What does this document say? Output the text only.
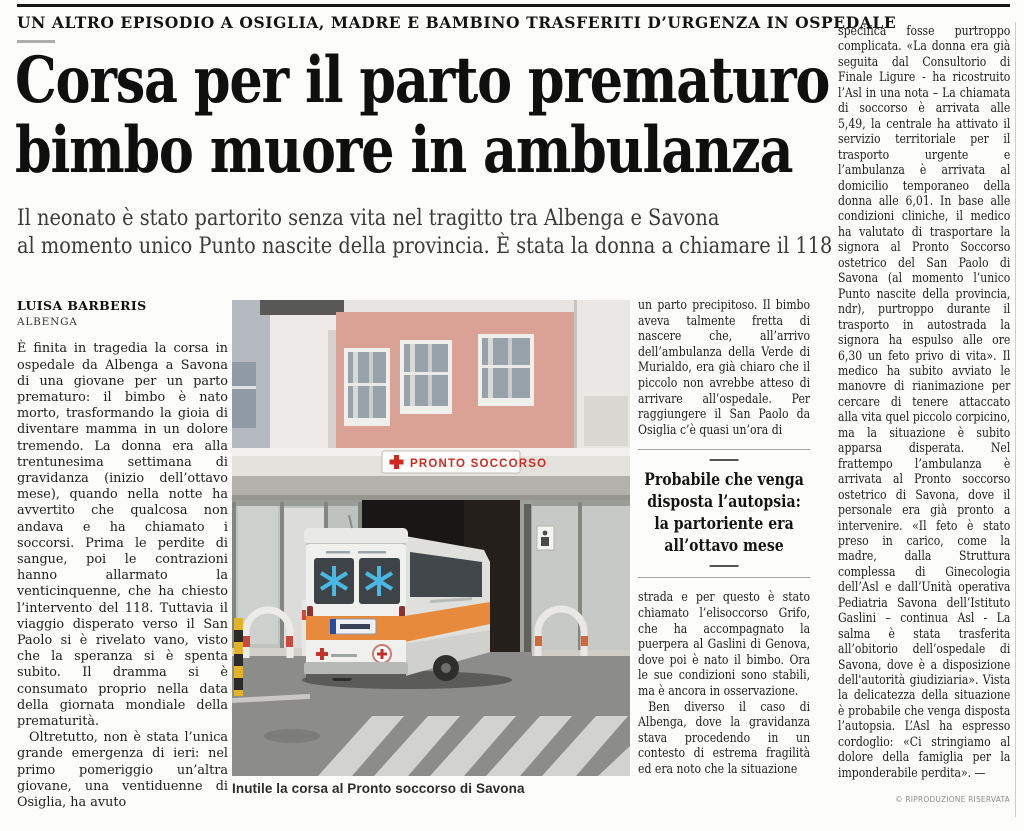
UN ALTRO EPISODIO A OSIGLIA, MADRE E BAMBINO TRASFERITI D’URGENZA IN OSPEDALE
Corsa per il parto prematuro
bimbo muore in ambulanza
Il neonato è stato partorito senza vita nel tragitto tra Albenga e Savona
al momento unico Punto nascite della provincia. È stata la donna a chiamare il 118
LUISA BARBERIS
ALBENGA

È finita in tragedia la corsa in ospedale da Albenga a Savona di una giovane per un parto prematuro: il bimbo è nato morto, trasformando la gioia di diventare mamma in un dolore tremendo. La donna era alla trentunesima settimana di gravidanza (inizio dell’ottavo mese), quando nella notte ha avvertito che qualcosa non andava e ha chiamato i soccorsi. Prima le perdite di sangue, poi le contrazioni hanno allarmato la venticinquenne, che ha chiesto l’intervento del 118. Tuttavia il viaggio disperato verso il San Paolo si è rivelato vano, visto che la speranza si è spenta subito. Il dramma si è consumato proprio nella data della giornata mondiale della prematurità.

Oltretutto, non è stata l’unica grande emergenza di ieri: nel primo pomeriggio un’altra giovane, una ventiduenne di Osiglia, ha avuto

PRONTO SOCCORSO
Inutile la corsa al Pronto soccorso di Savona

un parto precipitoso. Il bimbo aveva talmente fretta di nascere che, all’arrivo dell’ambulanza della Verde di Murialdo, era già chiaro che il piccolo non avrebbe atteso di arrivare all’ospedale. Per raggiungere il San Paolo da Osiglia c’è quasi un’ora di

Probabile che venga disposta l’autopsia: la partoriente era all’ottavo mese

strada e per questo è stato chiamato l’elisoccorso Grifo, che ha accompagnato la puerpera al Gaslini di Genova, dove poi è nato il bimbo. Ora le sue condizioni sono stabili, ma è ancora in osservazione.

Ben diverso il caso di Albenga, dove la gravidanza stava procedendo in un contesto di estrema fragilità ed era noto che la situazione

specifica fosse purtroppo complicata. «La donna era già seguita dal Consultorio di Finale Ligure - ha ricostruito l’Asl in una nota – La chiamata di soccorso è arrivata alle 5,49, la centrale ha attivato il servizio territoriale per il trasporto urgente e l’ambulanza è arrivata al domicilio temporaneo della donna alle 6,01. In base alle condizioni cliniche, il medico ha valutato di trasportare la signora al Pronto Soccorso ostetrico del San Paolo di Savona (al momento l’unico Punto nascite della provincia, ndr), purtroppo durante il trasporto in autostrada la signora ha espulso alle ore 6,30 un feto privo di vita». Il medico ha subito avviato le manovre di rianimazione per cercare di tenere attaccato alla vita quel piccolo corpicino, ma la situazione è subito apparsa disperata. Nel frattempo l’ambulanza è arrivata al Pronto soccorso ostetrico di Savona, dove il personale era già pronto a intervenire. «Il feto è stato preso in carico, come la madre, dalla Struttura complessa di Ginecologia dell’Asl e dall’Unità operativa Pediatria Savona dell’Istituto Gaslini – continua Asl - La salma è stata trasferita all’obitorio dell’ospedale di Savona, dove è a disposizione dell'autorità giudiziaria». Vista la delicatezza della situazione è probabile che venga disposta l’autopsia. L’Asl ha espresso cordoglio: «Ci stringiamo al dolore della famiglia per la imponderabile perdita». —

© RIPRODUZIONE RISERVATA
